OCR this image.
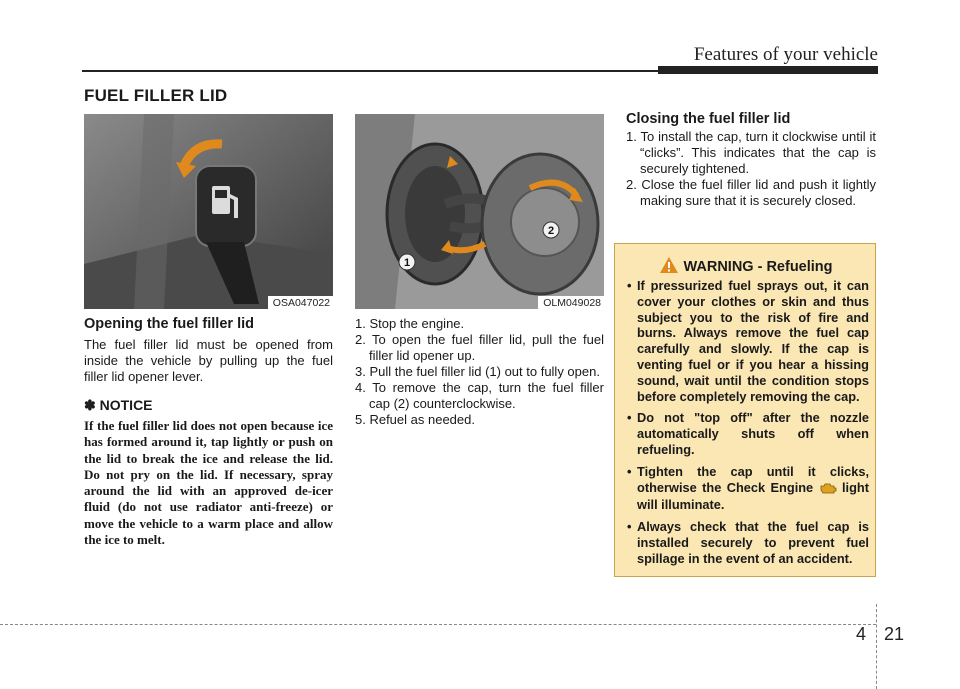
Features of your vehicle
FUEL FILLER LID
OSA047022
1
2
OLM049028
Opening the fuel filler lid
The fuel filler lid must be opened from inside the vehicle by pulling up the fuel filler lid opener lever.
✽ NOTICE
If the fuel filler lid does not open because ice has formed around it, tap lightly or push on the lid to break the ice and release the lid. Do not pry on the lid. If necessary, spray around the lid with an approved de-icer fluid (do not use radiator anti-freeze) or move the vehicle to a warm place and allow the ice to melt.
1. Stop the engine.
2. To open the fuel filler lid, pull the fuel filler lid opener up.
3. Pull the fuel filler lid (1) out to fully open.
4. To remove the cap, turn the fuel filler cap (2) counterclockwise.
5. Refuel as needed.
Closing the fuel filler lid
1. To install the cap, turn it clockwise until it “clicks”. This indicates that the cap is securely tightened.
2. Close the fuel filler lid and push it lightly making sure that it is securely closed.
WARNING - Refueling
• If pressurized fuel sprays out, it can cover your clothes or skin and thus subject you to the risk of fire and burns. Always remove the fuel cap carefully and slowly. If the cap is venting fuel or if you hear a hissing sound, wait until the condition stops before completely removing the cap.
• Do not "top off" after the nozzle automatically shuts off when refueling.
• Tighten the cap until it clicks, otherwise the Check Engine light will illuminate.
• Always check that the fuel cap is installed securely to prevent fuel spillage in the event of an accident.
4 21
